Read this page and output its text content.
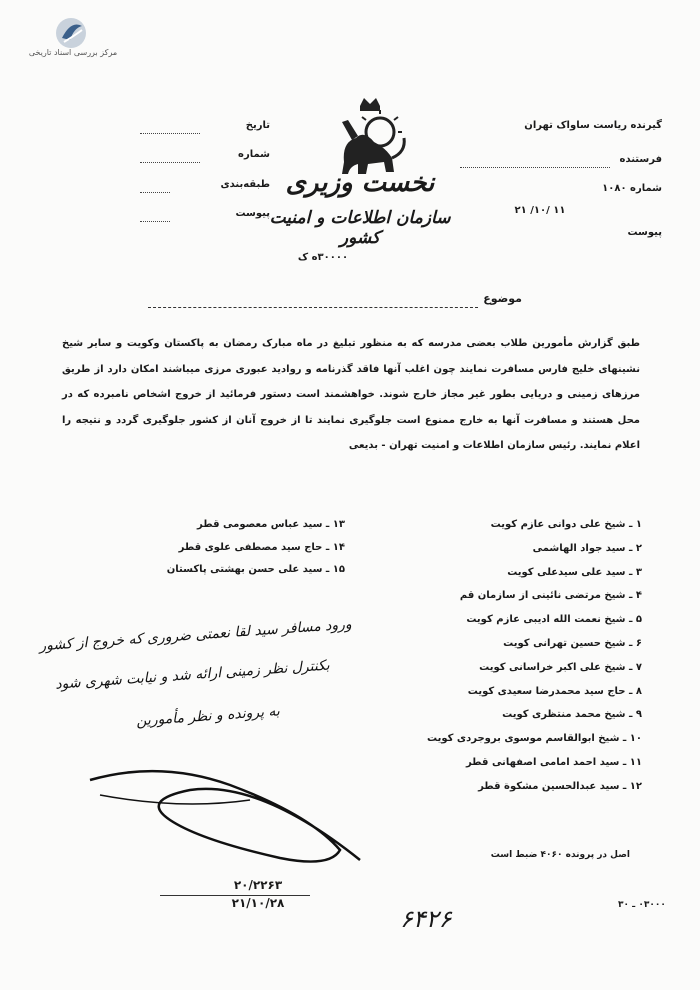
مرکز بررسی اسناد تاریخی
نخست وزیری
سازمان اطلاعات و امنیت کشور
۳۰۰۰۰ه ک
تاریخ
شماره
طبقه‌بندی
پیوست
گیرنده ریاست ساواک تهران
فرستنده
شماره ۱۰۸۰
۲۱ /۱۰/ ۱۱
پیوست
موضوع
طبق گزارش مأمورین طلاب بعضی مدرسه که به منظور تبلیغ در ماه مبارک رمضان به پاکستان وکویت و سایر شیخ نشینهای خلیج فارس مسافرت نمایند چون اغلب آنها فاقد گذرنامه و روادید عبوری مرزی میباشند امکان دارد از طریق مرزهای زمینی و دریایی بطور غیر مجاز خارج شوند. خواهشمند است دستور فرمائید از خروج اشخاص نامبرده که در محل هستند و مسافرت آنها به خارج ممنوع است جلوگیری نمایند تا از خروج آنان از کشور جلوگیری گردد و نتیجه را اعلام نمایند. رئیس سازمان اطلاعات و امنیت تهران - بدیعی
۱ ـ شیخ علی دوانی عازم کویت
۲ ـ سید جواد الهاشمی
۳ ـ سید علی سیدعلی کویت
۴ ـ شیخ مرتضی نائینی از سازمان قم
۵ ـ شیخ نعمت الله ادیبی عازم کویت
۶ ـ شیخ حسین تهرانی کویت
۷ ـ شیخ علی اکبر خراسانی کویت
۸ ـ حاج سید محمدرضا سعیدی کویت
۹ ـ شیخ محمد منتظری کویت
۱۰ ـ شیخ ابوالقاسم موسوی بروجردی کویت
۱۱ ـ سید احمد امامی اصفهانی قطر
۱۲ ـ سید عبدالحسین مشکوة قطر
۱۳ ـ سید عباس معصومی قطر
۱۴ ـ حاج سید مصطفی علوی قطر
۱۵ ـ سید علی حسن بهشتی پاکستان
اصل در پرونده ۴۰۶۰ ضبط است
ورود مسافر سید لقا نعمتی ضروری که خروج از کشور
بکنترل نظر زمینی ارائه شد و نیابت شهری شود
به پرونده و نظر مأمورین
۲۰/۲۲۶۳
۲۱/۱۰/۲۸
۶۴۲۶	۰۳۰۰۰ ـ ۳۰
